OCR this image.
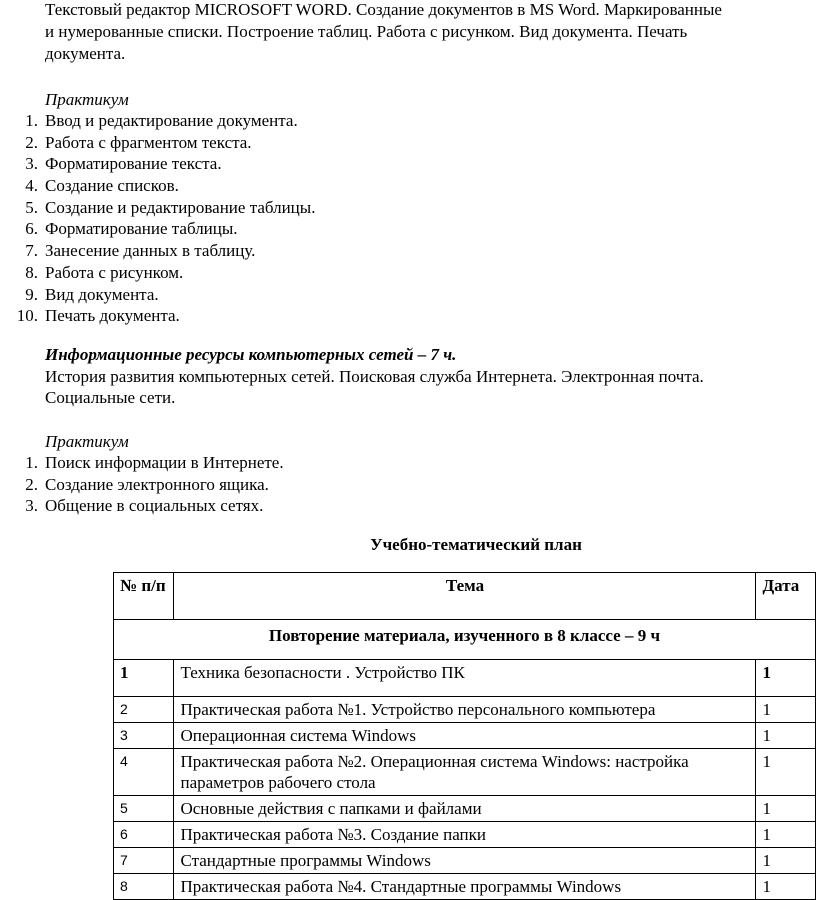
Текстовый редактор MICROSOFT WORD. Создание документов в MS Word. Маркированные
и нумерованные списки. Построение таблиц. Работа с рисунком. Вид документа. Печать
документа.
Практикум
1. Ввод и редактирование документа.
2. Работа с фрагментом текста.
3. Форматирование текста.
4. Создание списков.
5. Создание и редактирование таблицы.
6. Форматирование таблицы.
7. Занесение данных в таблицу.
8. Работа с рисунком.
9. Вид документа.
10. Печать документа.
Информационные ресурсы компьютерных сетей – 7 ч.
История развития компьютерных сетей. Поисковая служба Интернета. Электронная почта.
Социальные сети.
Практикум
1. Поиск информации в Интернете.
2. Создание электронного ящика.
3. Общение в социальных сетях.
Учебно-тематический план
№ п/п	Тема	Дата
Повторение материала, изученного в 8 классе – 9 ч		
1	Техника безопасности . Устройство ПК	1
2	Практическая работа №1. Устройство персонального компьютера	1
3	Операционная система Windows	1
4	Практическая работа №2. Операционная система Windows: настройка параметров рабочего стола	1
5	Основные действия с папками и файлами	1
6	Практическая работа №3. Создание папки	1
7	Стандартные программы Windows	1
8	Практическая работа №4. Стандартные программы Windows	1
